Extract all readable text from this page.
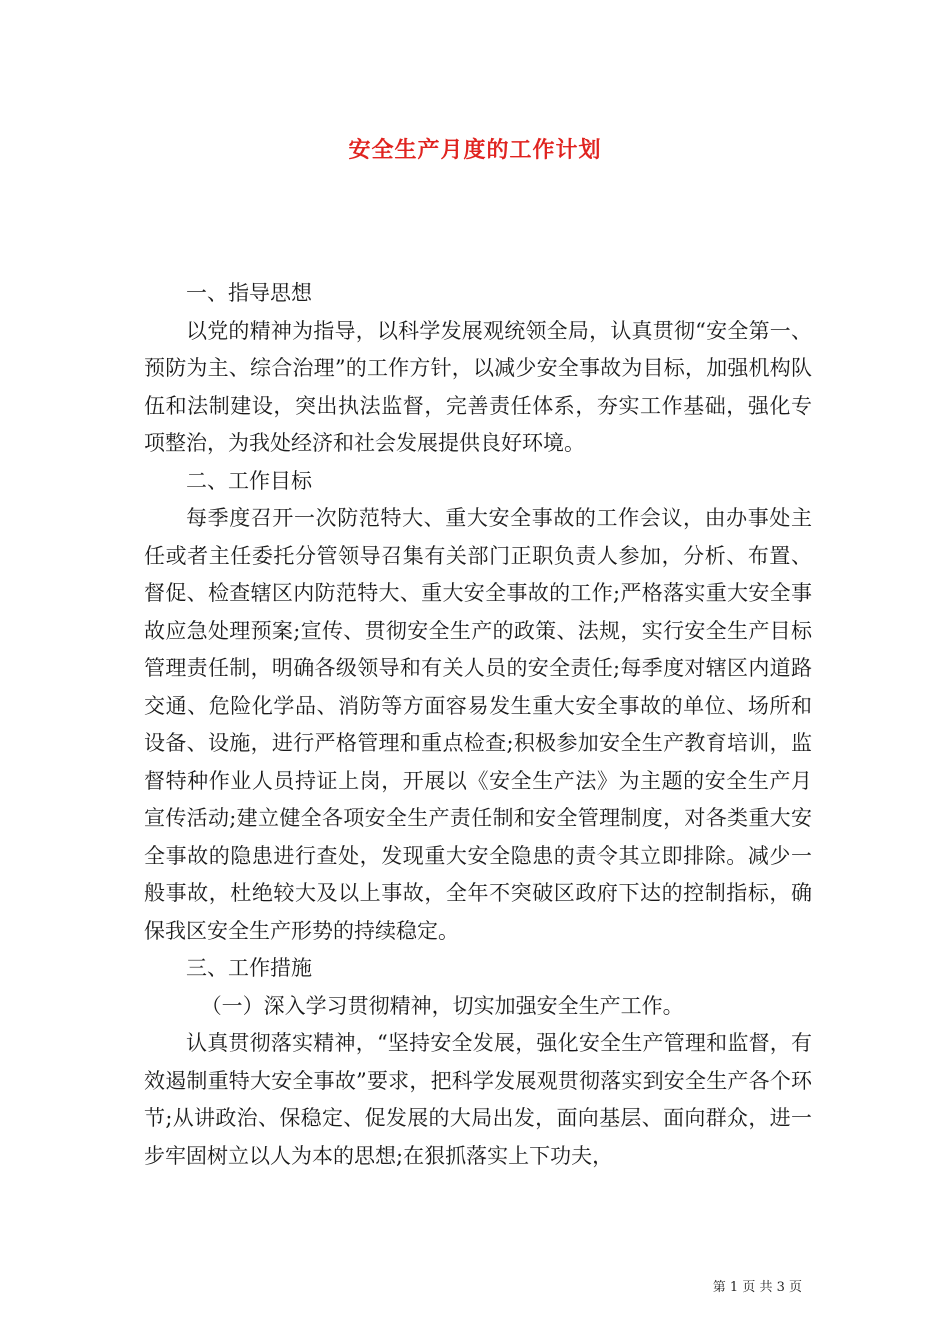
安全生产月度的工作计划

一、指导思想

以党的精神为指导，以科学发展观统领全局，认真贯彻“安全第一、预防为主、综合治理”的工作方针，以减少安全事故为目标，加强机构队伍和法制建设，突出执法监督，完善责任体系，夯实工作基础，强化专项整治，为我处经济和社会发展提供良好环境。

二、工作目标

每季度召开一次防范特大、重大安全事故的工作会议，由办事处主任或者主任委托分管领导召集有关部门正职负责人参加，分析、布置、督促、检查辖区内防范特大、重大安全事故的工作;严格落实重大安全事故应急处理预案;宣传、贯彻安全生产的政策、法规，实行安全生产目标管理责任制，明确各级领导和有关人员的安全责任;每季度对辖区内道路交通、危险化学品、消防等方面容易发生重大安全事故的单位、场所和设备、设施，进行严格管理和重点检查;积极参加安全生产教育培训，监督特种作业人员持证上岗，开展以《安全生产法》为主题的安全生产月宣传活动;建立健全各项安全生产责任制和安全管理制度，对各类重大安全事故的隐患进行查处，发现重大安全隐患的责令其立即排除。减少一般事故，杜绝较大及以上事故，全年不突破区政府下达的控制指标，确保我区安全生产形势的持续稳定。

三、工作措施

（一）深入学习贯彻精神，切实加强安全生产工作。

认真贯彻落实精神，“坚持安全发展，强化安全生产管理和监督，有效遏制重特大安全事故”要求，把科学发展观贯彻落实到安全生产各个环节;从讲政治、保稳定、促发展的大局出发，面向基层、面向群众，进一步牢固树立以人为本的思想;在狠抓落实上下功夫，

第 1 页 共 3 页
